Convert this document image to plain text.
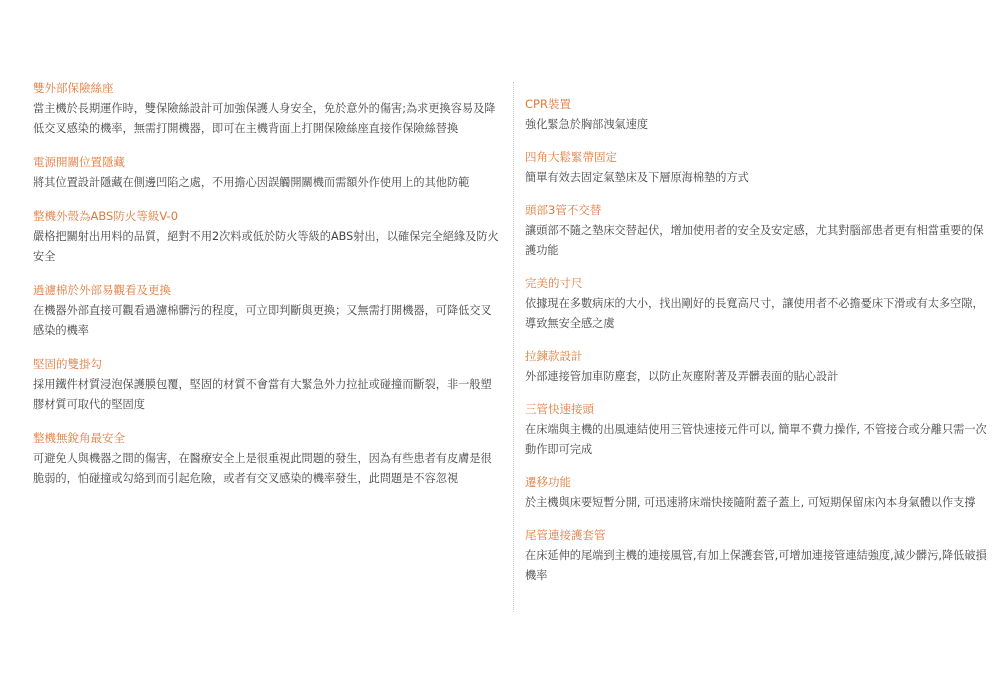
雙外部保險絲座
當主機於長期運作時，雙保險絲設計可加強保護人身安全，免於意外的傷害;為求更換容易及降低交叉感染的機率，無需打開機器，即可在主機背面上打開保險絲座直接作保險絲替換
電源開關位置隱藏
將其位置設計隱藏在側邊凹陷之處，不用擔心因誤觸開關機而需額外作使用上的其他防範
整機外殼為ABS防火等級V-0
嚴格把關射出用料的品質，絕對不用2次料或低於防火等級的ABS射出，以確保完全絕緣及防火安全
過濾棉於外部易觀看及更換
在機器外部直接可觀看過濾棉髒污的程度，可立即判斷與更換；又無需打開機器，可降低交叉感染的機率
堅固的雙掛勾
採用鐵件材質浸泡保護膜包覆，堅固的材質不會當有大緊急外力拉扯或碰撞而斷裂，非一般塑膠材質可取代的堅固度
整機無銳角最安全
可避免人與機器之間的傷害，在醫療安全上是很重視此問題的發生，因為有些患者有皮膚是很脆弱的，怕碰撞或勾絡到而引起危險，或者有交叉感染的機率發生，此問題是不容忽視
CPR裝置
強化緊急於胸部洩氣速度
四角大鬆緊帶固定
簡單有效去固定氣墊床及下層原海棉墊的方式
頭部3管不交替
讓頭部不隨之墊床交替起伏，增加使用者的安全及安定感，尤其對腦部患者更有相當重要的保護功能
完美的寸尺
依據現在多數病床的大小，找出剛好的長寬高尺寸，讓使用者不必擔憂床下滑或有太多空隙，導致無安全感之虞
拉鍊款設計
外部連接管加車防塵套，以防止灰塵附著及弄髒表面的貼心設計
三管快速接頭
在床端與主機的出風連結使用三管快速接元件可以, 簡單不費力操作, 不管接合或分離只需一次動作即可完成
遷移功能
於主機與床要短暫分開, 可迅速將床端快接隨附蓋子蓋上, 可短期保留床內本身氣體以作支撐
尾管連接護套管
在床延伸的尾端到主機的連接風管,有加上保護套管,可增加連接管連結強度,減少髒污,降低破損機率
